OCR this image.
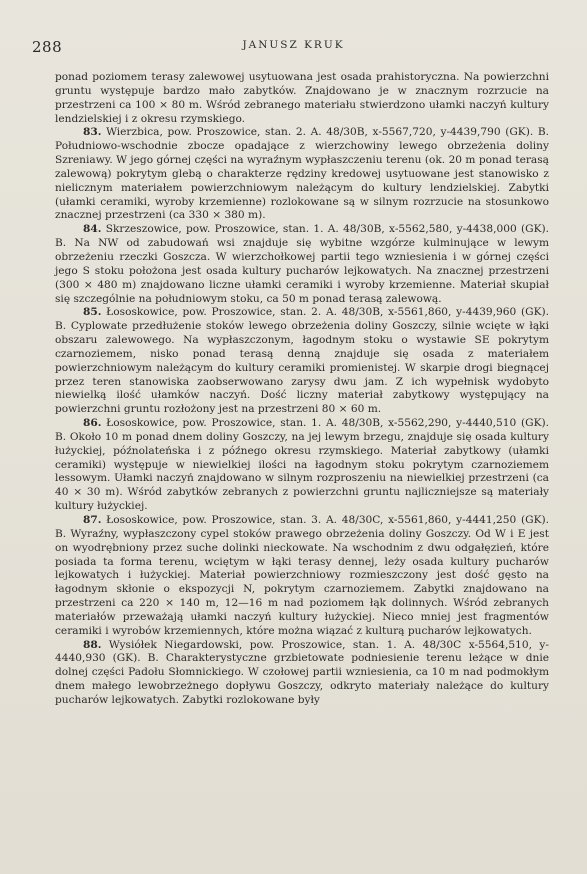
288	JANUSZ KRUK

ponad poziomem terasy zalewowej usytuowana jest osada prahistoryczna. Na powierzchni gruntu występuje bardzo mało zabytków. Znajdowano je w znacznym rozrzucie na przestrzeni ca 100 × 80 m. Wśród zebranego materiału stwierdzono ułamki naczyń kultury lendzielskiej i z okresu rzymskiego.

83. Wierzbica, pow. Proszowice, stan. 2. A. 48/30B, x-5567,720, y-4439,790 (GK). B. Południowo-wschodnie zbocze opadające z wierzchowiny lewego obrzeżenia doliny Szreniawy. W jego górnej części na wyraźnym wypłaszczeniu terenu (ok. 20 m ponad terasą zalewową) pokrytym glebą o charakterze rędziny kredowej usytuowane jest stanowisko z nielicznym materiałem powierzchniowym należącym do kultury lendzielskiej. Zabytki (ułamki ceramiki, wyroby krzemienne) rozlokowane są w silnym rozrzucie na stosunkowo znacznej przestrzeni (ca 330 × 380 m).

84. Skrzeszowice, pow. Proszowice, stan. 1. A. 48/30B, x-5562,580, y-4438,000 (GK). B. Na NW od zabudowań wsi znajduje się wybitne wzgórze kulminujące w lewym obrzeżeniu rzeczki Goszcza. W wierzchołkowej partii tego wzniesienia i w górnej części jego S stoku położona jest osada kultury pucharów lejkowatych. Na znacznej przestrzeni (300 × 480 m) znajdowano liczne ułamki ceramiki i wyroby krzemienne. Materiał skupiał się szczególnie na południowym stoku, ca 50 m ponad terasą zalewową.

85. Łososkowice, pow. Proszowice, stan. 2. A. 48/30B, x-5561,860, y-4439,960 (GK). B. Cyplowate przedłużenie stoków lewego obrzeżenia doliny Goszczy, silnie wcięte w łąki obszaru zalewowego. Na wypłaszczonym, łagodnym stoku o wystawie SE pokrytym czarnoziemem, nisko ponad terasą denną znajduje się osada z materiałem powierzchniowym należącym do kultury ceramiki promienistej. W skarpie drogi biegnącej przez teren stanowiska zaobserwowano zarysy dwu jam. Z ich wypełnisk wydobyto niewielką ilość ułamków naczyń. Dość liczny materiał zabytkowy występujący na powierzchni gruntu rozłożony jest na przestrzeni 80 × 60 m.

86. Łososkowice, pow. Proszowice, stan. 1. A. 48/30B, x-5562,290, y-4440,510 (GK). B. Około 10 m ponad dnem doliny Goszczy, na jej lewym brzegu, znajduje się osada kultury łużyckiej, późnolateńska i z późnego okresu rzymskiego. Materiał zabytkowy (ułamki ceramiki) występuje w niewielkiej ilości na łagodnym stoku pokrytym czarnoziemem lessowym. Ułamki naczyń znajdowano w silnym rozproszeniu na niewielkiej przestrzeni (ca 40 × 30 m). Wśród zabytków zebranych z powierzchni gruntu najliczniejsze są materiały kultury łużyckiej.

87. Łososkowice, pow. Proszowice, stan. 3. A. 48/30C, x-5561,860, y-4441,250 (GK). B. Wyraźny, wypłaszczony cypel stoków prawego obrzeżenia doliny Goszczy. Od W i E jest on wyodrębniony przez suche dolinki nieckowate. Na wschodnim z dwu odgałęzień, które posiada ta forma terenu, wciętym w łąki terasy dennej, leży osada kultury pucharów lejkowatych i łużyckiej. Materiał powierzchniowy rozmieszczony jest dość gęsto na łagodnym skłonie o ekspozycji N, pokrytym czarnoziemem. Zabytki znajdowano na przestrzeni ca 220 × 140 m, 12—16 m nad poziomem łąk dolinnych. Wśród zebranych materiałów przeważają ułamki naczyń kultury łużyckiej. Nieco mniej jest fragmentów ceramiki i wyrobów krzemiennych, które można wiązać z kulturą pucharów lejkowatych.

88. Wysiółek Niegardowski, pow. Proszowice, stan. 1. A. 48/30C x-5564,510, y-4440,930 (GK). B. Charakterystyczne grzbietowate podniesienie terenu leżące w dnie dolnej części Padołu Słomnickiego. W czołowej partii wzniesienia, ca 10 m nad podmokłym dnem małego lewobrzeżnego dopływu Goszczy, odkryto materiały należące do kultury pucharów lejkowatych. Zabytki rozlokowane były
